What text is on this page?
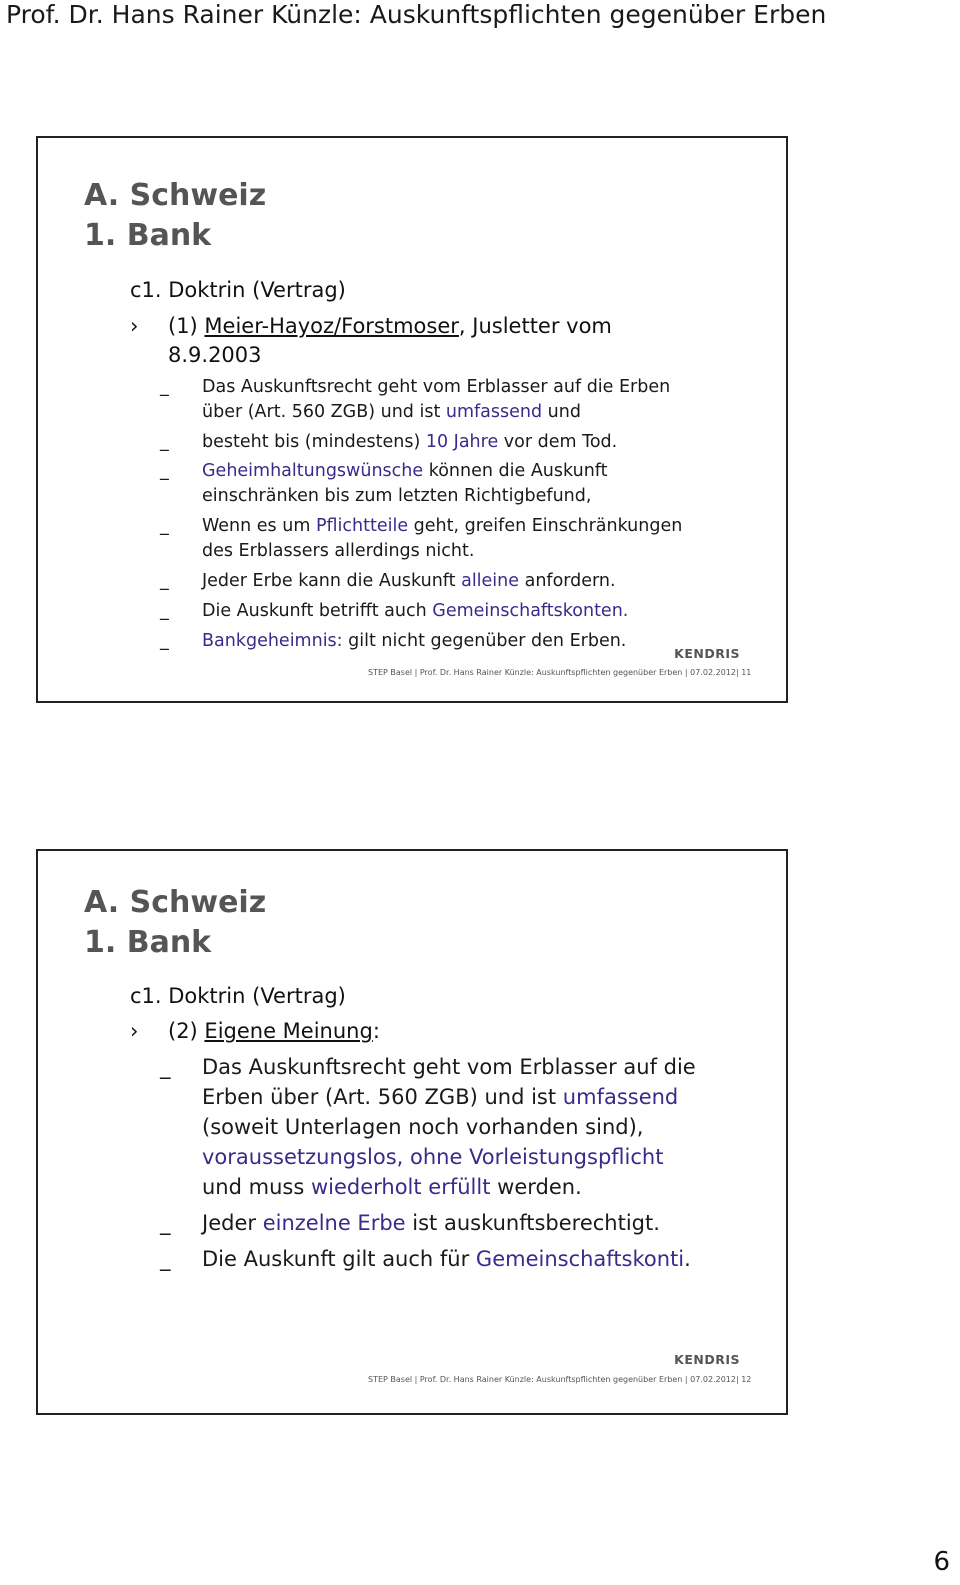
Prof. Dr. Hans Rainer Künzle: Auskunftspflichten gegenüber Erben
A. Schweiz
1. Bank
c1. Doktrin (Vertrag)
› (1) Meier-Hayoz/Forstmoser, Jusletter vom
8.9.2003
_ Das Auskunftsrecht geht vom Erblasser auf die Erben
über (Art. 560 ZGB) und ist umfassend und
_ besteht bis (mindestens) 10 Jahre vor dem Tod.
_ Geheimhaltungswünsche können die Auskunft
einschränken bis zum letzten Richtigbefund,
_ Wenn es um Pflichtteile geht, greifen Einschränkungen
des Erblassers allerdings nicht.
_ Jeder Erbe kann die Auskunft alleine anfordern.
_ Die Auskunft betrifft auch Gemeinschaftskonten.
_ Bankgeheimnis: gilt nicht gegenüber den Erben.
KENDRIS
STEP Basel | Prof. Dr. Hans Rainer Künzle: Auskunftspflichten gegenüber Erben | 07.02.2012| 11
A. Schweiz
1. Bank
c1. Doktrin (Vertrag)
› (2) Eigene Meinung:
_ Das Auskunftsrecht geht vom Erblasser auf die
Erben über (Art. 560 ZGB) und ist umfassend
(soweit Unterlagen noch vorhanden sind),
voraussetzungslos, ohne Vorleistungspflicht
und muss wiederholt erfüllt werden.
_ Jeder einzelne Erbe ist auskunftsberechtigt.
_ Die Auskunft gilt auch für Gemeinschaftskonti.
KENDRIS
STEP Basel | Prof. Dr. Hans Rainer Künzle: Auskunftspflichten gegenüber Erben | 07.02.2012| 12
6
